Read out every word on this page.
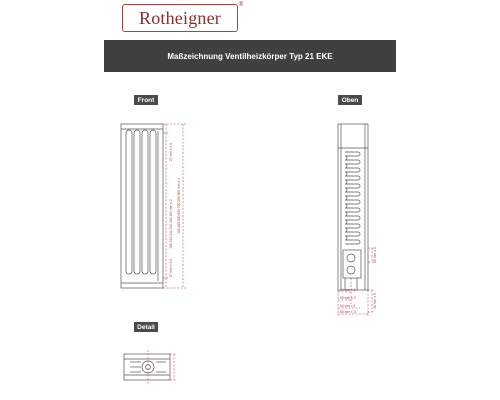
Rotheigner
®
Maßzeichnung Ventilheizkörper Typ 21 EKE
Front	Oben
Detail
27 mm ± 0.5
168 194 244 344 394 494 mm ± 2
27 mm ± 0.5
300 400 500 600 700 800 900 mm ± 2
60 mm ± 3
14 mm ± 1
55 mm ± 3	38 mm ± 5
54 mm ± 1
85 mm ± 3
